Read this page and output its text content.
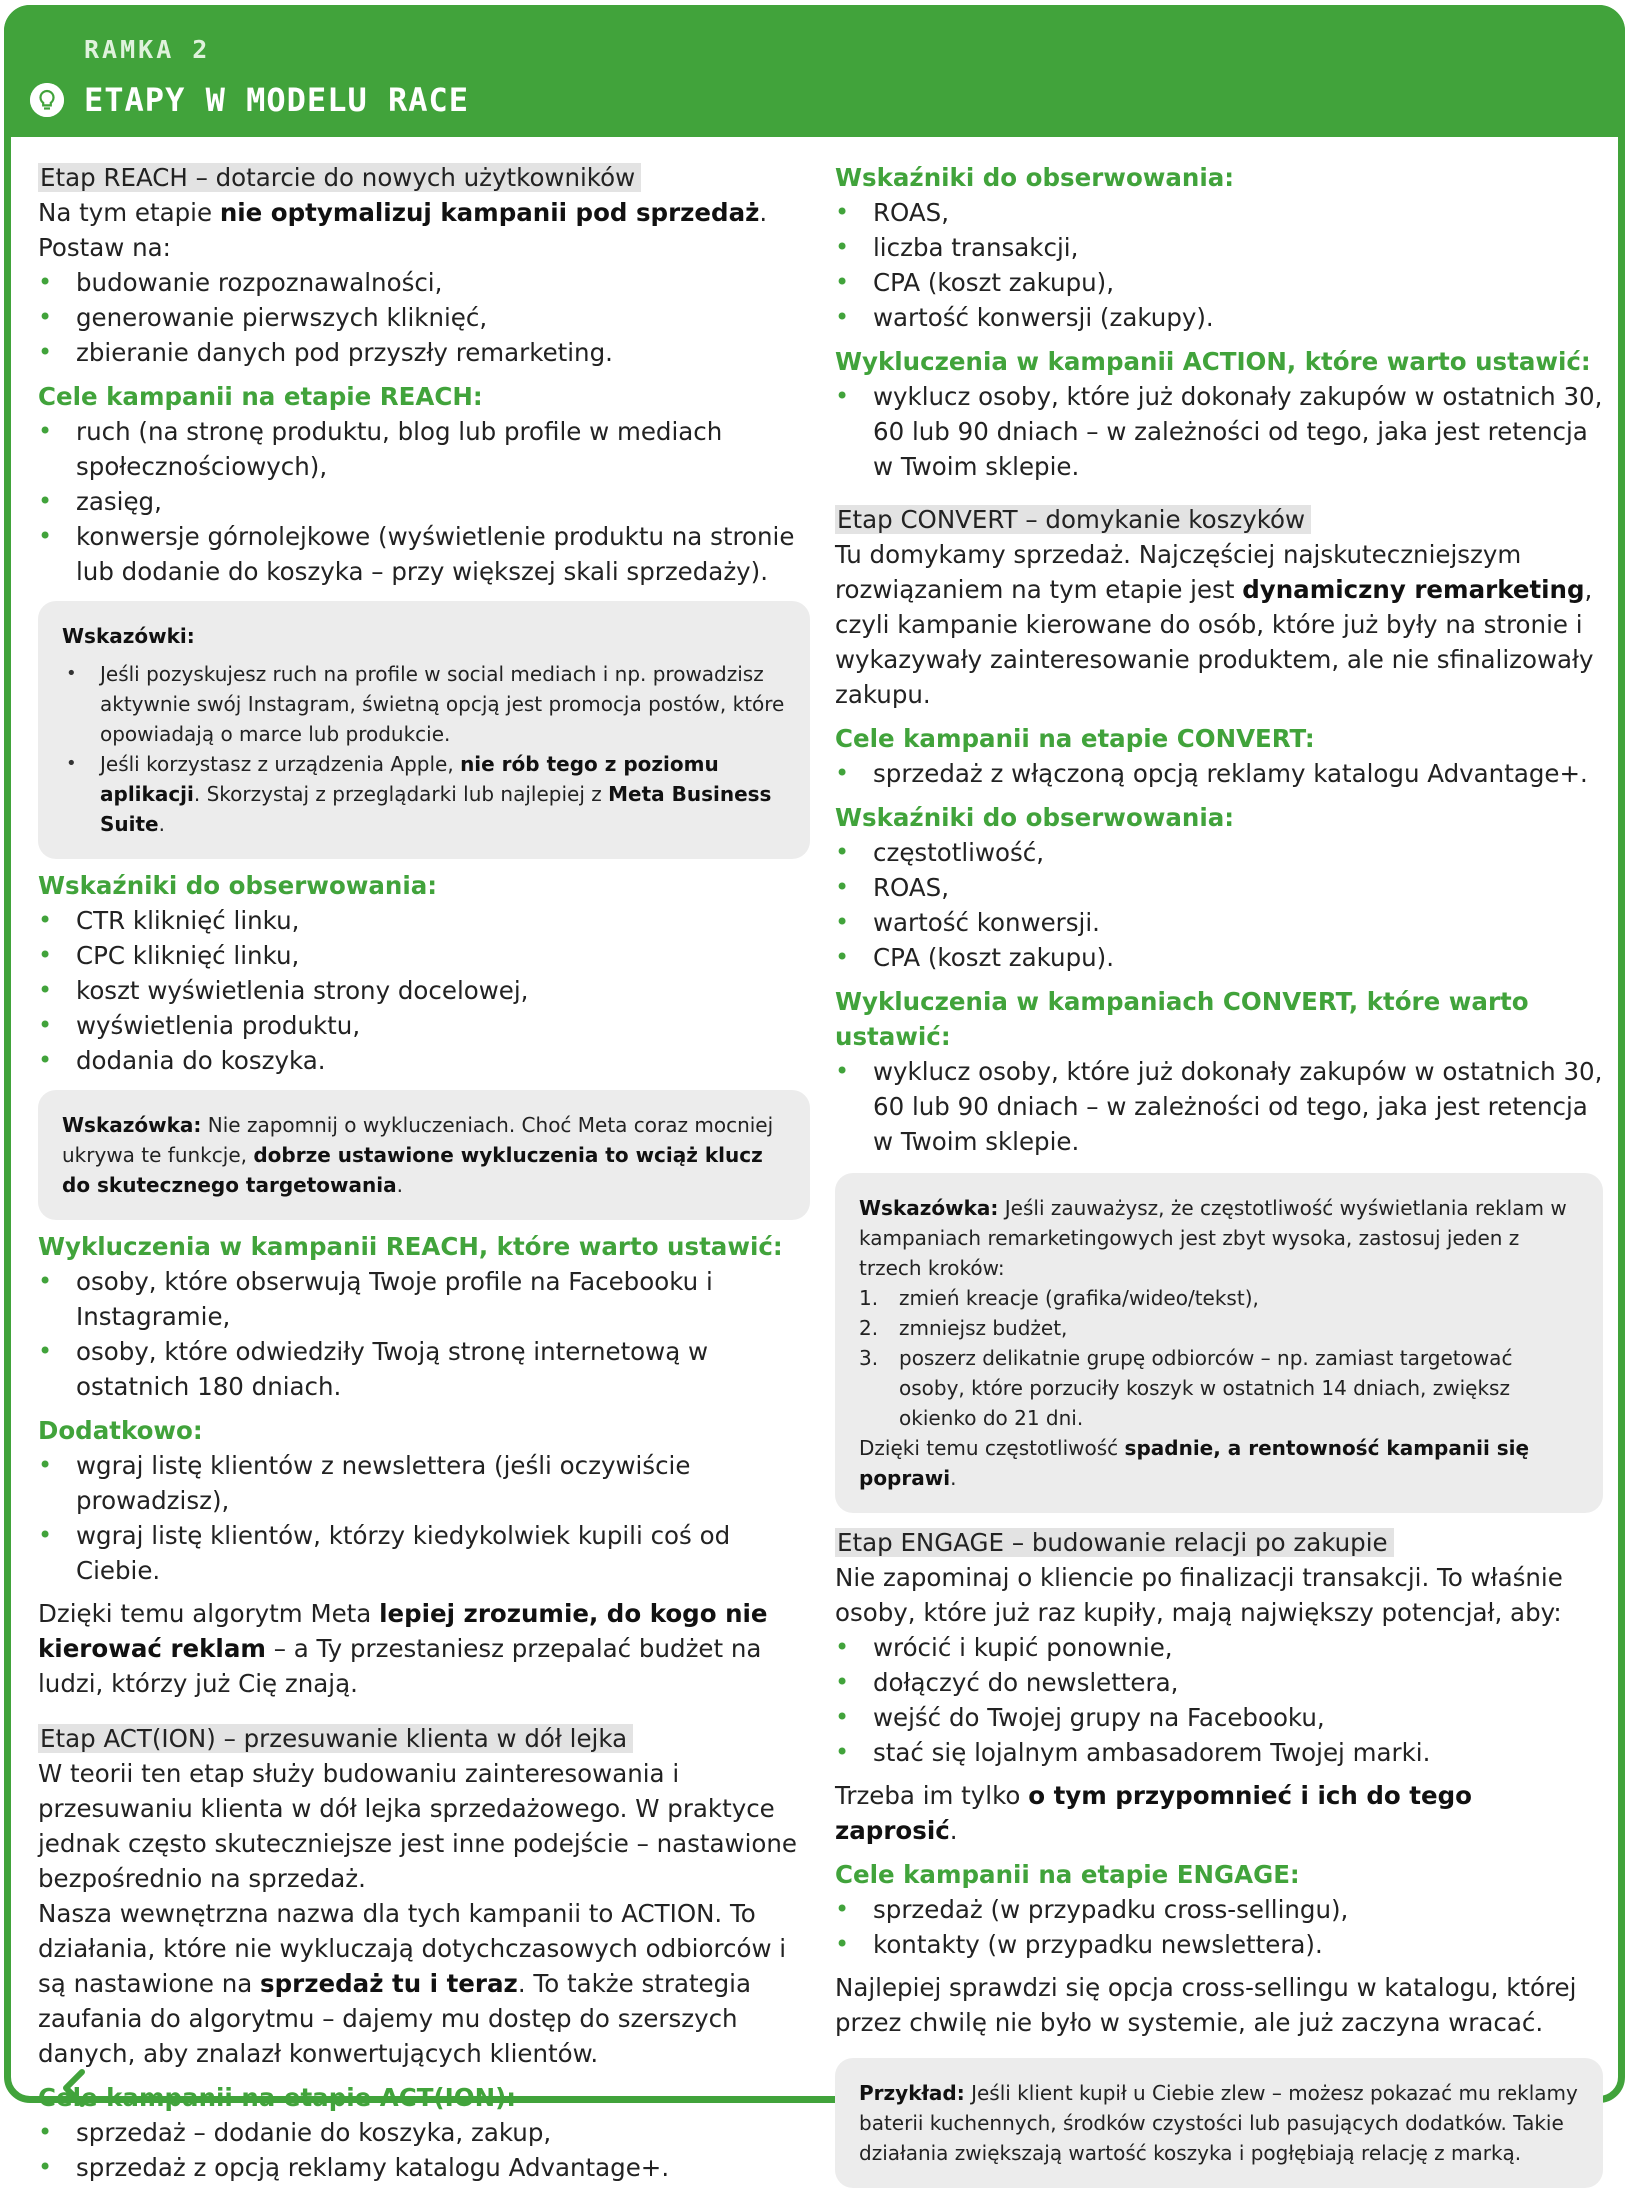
RAMKA 2
ETAPY W MODELU RACE
Etap REACH – dotarcie do nowych użytkowników

Na tym etapie nie optymalizuj kampanii pod sprzedaż. Postaw na:

• budowanie rozpoznawalności,
• generowanie pierwszych kliknięć,
• zbieranie danych pod przyszły remarketing.
Cele kampanii na etapie REACH:
• ruch (na stronę produktu, blog lub profile w mediach społecznościowych),
• zasięg,
• konwersje górnolejkowe (wyświetlenie produktu na stronie lub dodanie do koszyka – przy większej skali sprzedaży).
Wskazówki:
• Jeśli pozyskujesz ruch na profile w social mediach i np. prowadzisz aktywnie swój Instagram, świetną opcją jest promocja postów, które opowiadają o marce lub produkcie.
• Jeśli korzystasz z urządzenia Apple, nie rób tego z poziomu aplikacji. Skorzystaj z przeglądarki lub najlepiej z Meta Business Suite.
Wskaźniki do obserwowania:
• CTR kliknięć linku,
• CPC kliknięć linku,
• koszt wyświetlenia strony docelowej,
• wyświetlenia produktu,
• dodania do koszyka.
Wskazówka: Nie zapomnij o wykluczeniach. Choć Meta coraz mocniej ukrywa te funkcje, dobrze ustawione wykluczenia to wciąż klucz do skutecznego targetowania.
Wykluczenia w kampanii REACH, które warto ustawić:
• osoby, które obserwują Twoje profile na Facebooku i Instagramie,
• osoby, które odwiedziły Twoją stronę internetową w ostatnich 180 dniach.
Dodatkowo:
• wgraj listę klientów z newslettera (jeśli oczywiście prowadzisz),
• wgraj listę klientów, którzy kiedykolwiek kupili coś od Ciebie.

Dzięki temu algorytm Meta lepiej zrozumie, do kogo nie kierować reklam – a Ty przestaniesz przepalać budżet na ludzi, którzy już Cię znają.

Etap ACT(ION) – przesuwanie klienta w dół lejka

W teorii ten etap służy budowaniu zainteresowania i przesuwaniu klienta w dół lejka sprzedażowego. W praktyce jednak często skuteczniejsze jest inne podejście – nastawione bezpośrednio na sprzedaż.

Nasza wewnętrzna nazwa dla tych kampanii to ACTION. To działania, które nie wykluczają dotychczasowych odbiorców i są nastawione na sprzedaż tu i teraz. To także strategia zaufania do algorytmu – dajemy mu dostęp do szerszych danych, aby znalazł konwertujących klientów.

Cele kampanii na etapie ACT(ION):
• sprzedaż – dodanie do koszyka, zakup,
• sprzedaż z opcją reklamy katalogu Advantage+.
Wskaźniki do obserwowania:
• ROAS,
• liczba transakcji,
• CPA (koszt zakupu),
• wartość konwersji (zakupy).
Wykluczenia w kampanii ACTION, które warto ustawić:
• wyklucz osoby, które już dokonały zakupów w ostatnich 30, 60 lub 90 dniach – w zależności od tego, jaka jest retencja w Twoim sklepie.
Etap CONVERT – domykanie koszyków

Tu domykamy sprzedaż. Najczęściej najskuteczniejszym rozwiązaniem na tym etapie jest dynamiczny remarketing, czyli kampanie kierowane do osób, które już były na stronie i wykazywały zainteresowanie produktem, ale nie sfinalizowały zakupu.

Cele kampanii na etapie CONVERT:
• sprzedaż z włączoną opcją reklamy katalogu Advantage+.
Wskaźniki do obserwowania:
• częstotliwość,
• ROAS,
• wartość konwersji.
• CPA (koszt zakupu).
Wykluczenia w kampaniach CONVERT, które warto ustawić:
• wyklucz osoby, które już dokonały zakupów w ostatnich 30, 60 lub 90 dniach – w zależności od tego, jaka jest retencja w Twoim sklepie.

Wskazówka: Jeśli zauważysz, że częstotliwość wyświetlania reklam w kampaniach remarketingowych jest zbyt wysoka, zastosuj jeden z trzech kroków:

1. zmień kreacje (grafika/wideo/tekst),
2. zmniejsz budżet,
3. poszerz delikatnie grupę odbiorców – np. zamiast targetować osoby, które porzuciły koszyk w ostatnich 14 dniach, zwiększ okienko do 21 dni.

Dzięki temu częstotliwość spadnie, a rentowność kampanii się poprawi.

Etap ENGAGE – budowanie relacji po zakupie

Nie zapominaj o kliencie po finalizacji transakcji. To właśnie osoby, które już raz kupiły, mają największy potencjał, aby:

• wrócić i kupić ponownie,
• dołączyć do newslettera,
• wejść do Twojej grupy na Facebooku,
• stać się lojalnym ambasadorem Twojej marki.

Trzeba im tylko o tym przypomnieć i ich do tego zaprosić.

Cele kampanii na etapie ENGAGE:
• sprzedaż (w przypadku cross-sellingu),
• kontakty (w przypadku newslettera).

Najlepiej sprawdzi się opcja cross-sellingu w katalogu, której przez chwilę nie było w systemie, ale już zaczyna wracać.

Przykład: Jeśli klient kupił u Ciebie zlew – możesz pokazać mu reklamy baterii kuchennych, środków czystości lub pasujących dodatków. Takie działania zwiększają wartość koszyka i pogłębiają relację z marką.
